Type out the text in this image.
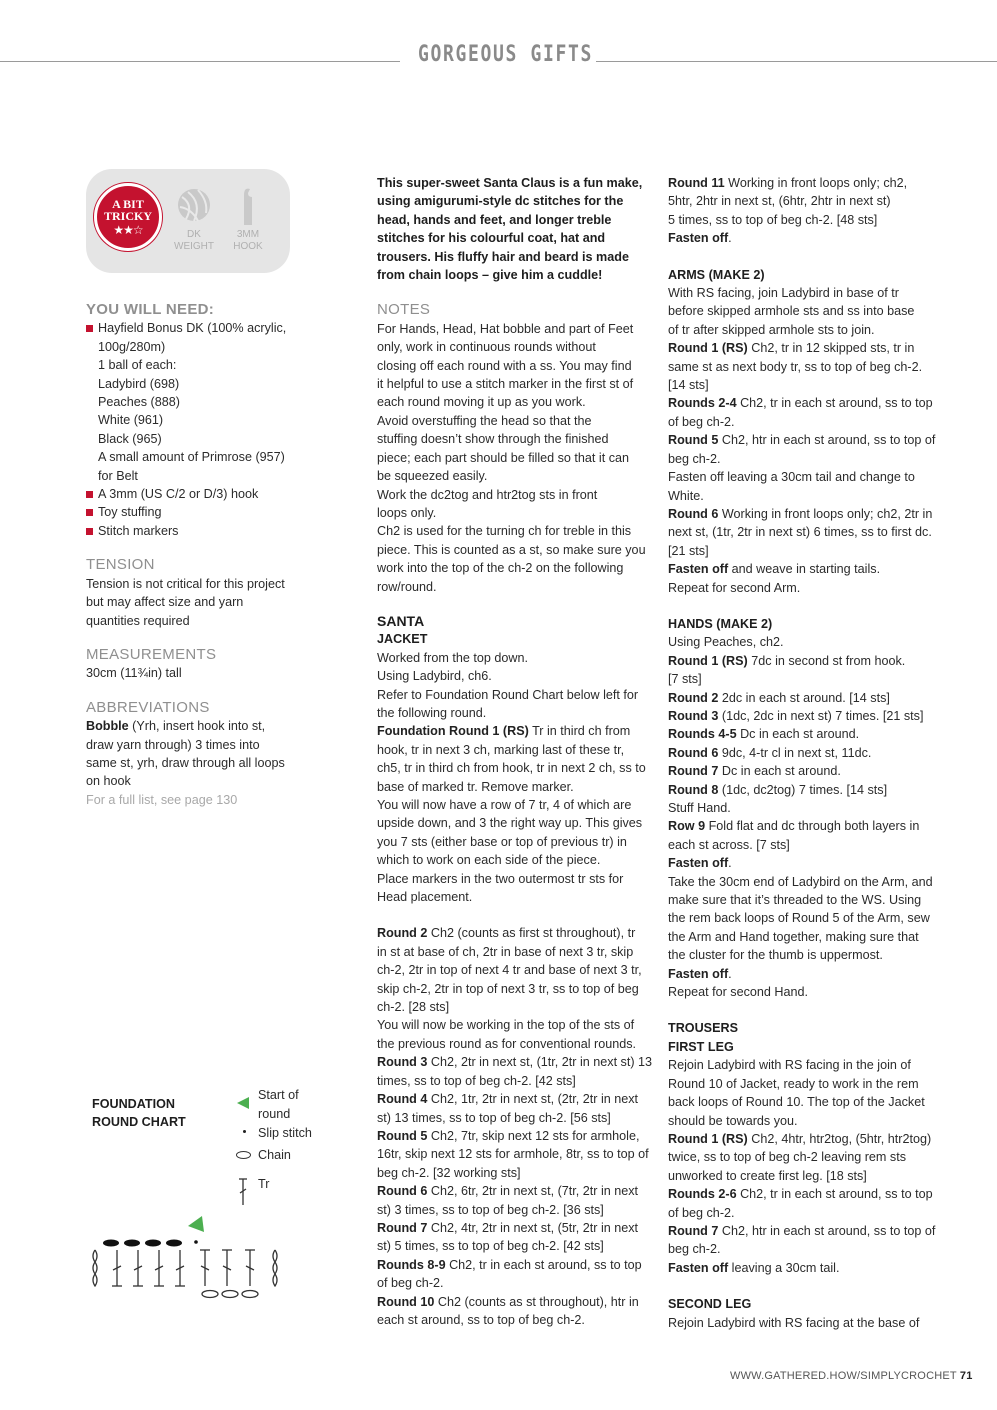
GORGEOUS GIFTS
A BIT
TRICKY
★★☆	DK
WEIGHT
3MM
HOOK

YOU WILL NEED:

Hayfield Bonus DK (100% acrylic,

100g/280m)

1 ball of each:

Ladybird (698)

Peaches (888)

White (961)

Black (965)

A small amount of Primrose (957)

for Belt

A 3mm (US C/2 or D/3) hook

Toy stuffing

Stitch markers

TENSION

Tension is not critical for this project

but may affect size and yarn

quantities required

MEASUREMENTS

30cm (11¾in) tall

ABBREVIATIONS

Bobble (Yrh, insert hook into st,

draw yarn through) 3 times into

same st, yrh, draw through all loops

on hook

For a full list, see page 130

FOUNDATION
ROUND CHART
Start of
round
Slip stitch
Chain
Tr

This super-sweet Santa Claus is a fun make,

using amigurumi-style dc stitches for the

head, hands and feet, and longer treble

stitches for his colourful coat, hat and

trousers. His fluffy hair and beard is made

from chain loops – give him a cuddle!

NOTES

For Hands, Head, Hat bobble and part of Feet

only, work in continuous rounds without

closing off each round with a ss. You may find

it helpful to use a stitch marker in the first st of

each round moving it up as you work.

Avoid overstuffing the head so that the

stuffing doesn’t show through the finished

piece; each part should be filled so that it can

be squeezed easily.

Work the dc2tog and htr2tog sts in front

loops only.

Ch2 is used for the turning ch for treble in this

piece. This is counted as a st, so make sure you

work into the top of the ch-2 on the following

row/round.

SANTA

JACKET

Worked from the top down.

Using Ladybird, ch6.

Refer to Foundation Round Chart below left for

the following round.

Foundation Round 1 (RS) Tr in third ch from

hook, tr in next 3 ch, marking last of these tr,

ch5, tr in third ch from hook, tr in next 2 ch, ss to

base of marked tr. Remove marker.

You will now have a row of 7 tr, 4 of which are

upside down, and 3 the right way up. This gives

you 7 sts (either base or top of previous tr) in

which to work on each side of the piece.

Place markers in the two outermost tr sts for

Head placement.

Round 2 Ch2 (counts as first st throughout), tr

in st at base of ch, 2tr in base of next 3 tr, skip

ch-2, 2tr in top of next 4 tr and base of next 3 tr,

skip ch-2, 2tr in top of next 3 tr, ss to top of beg

ch-2. [28 sts]

You will now be working in the top of the sts of

the previous round as for conventional rounds.

Round 3 Ch2, 2tr in next st, (1tr, 2tr in next st) 13

times, ss to top of beg ch-2. [42 sts]

Round 4 Ch2, 1tr, 2tr in next st, (2tr, 2tr in next

st) 13 times, ss to top of beg ch-2. [56 sts]

Round 5 Ch2, 7tr, skip next 12 sts for armhole,

16tr, skip next 12 sts for armhole, 8tr, ss to top of

beg ch-2. [32 working sts]

Round 6 Ch2, 6tr, 2tr in next st, (7tr, 2tr in next

st) 3 times, ss to top of beg ch-2. [36 sts]

Round 7 Ch2, 4tr, 2tr in next st, (5tr, 2tr in next

st) 5 times, ss to top of beg ch-2. [42 sts]

Rounds 8-9 Ch2, tr in each st around, ss to top

of beg ch-2.

Round 10 Ch2 (counts as st throughout), htr in

each st around, ss to top of beg ch-2.

Round 11 Working in front loops only; ch2,

5htr, 2htr in next st, (6htr, 2htr in next st)

5 times, ss to top of beg ch-2. [48 sts]

Fasten off.

ARMS (MAKE 2)

With RS facing, join Ladybird in base of tr

before skipped armhole sts and ss into base

of tr after skipped armhole sts to join.

Round 1 (RS) Ch2, tr in 12 skipped sts, tr in

same st as next body tr, ss to top of beg ch-2.

[14 sts]

Rounds 2-4 Ch2, tr in each st around, ss to top

of beg ch-2.

Round 5 Ch2, htr in each st around, ss to top of

beg ch-2.

Fasten off leaving a 30cm tail and change to

White.

Round 6 Working in front loops only; ch2, 2tr in

next st, (1tr, 2tr in next st) 6 times, ss to first dc.

[21 sts]

Fasten off and weave in starting tails.

Repeat for second Arm.

HANDS (MAKE 2)

Using Peaches, ch2.

Round 1 (RS) 7dc in second st from hook.

[7 sts]

Round 2 2dc in each st around. [14 sts]

Round 3 (1dc, 2dc in next st) 7 times. [21 sts]

Rounds 4-5 Dc in each st around.

Round 6 9dc, 4-tr cl in next st, 11dc.

Round 7 Dc in each st around.

Round 8 (1dc, dc2tog) 7 times. [14 sts]

Stuff Hand.

Row 9 Fold flat and dc through both layers in

each st across. [7 sts]

Fasten off.

Take the 30cm end of Ladybird on the Arm, and

make sure that it’s threaded to the WS. Using

the rem back loops of Round 5 of the Arm, sew

the Arm and Hand together, making sure that

the cluster for the thumb is uppermost.

Fasten off.

Repeat for second Hand.

TROUSERS

FIRST LEG

Rejoin Ladybird with RS facing in the join of

Round 10 of Jacket, ready to work in the rem

back loops of Round 10. The top of the Jacket

should be towards you.

Round 1 (RS) Ch2, 4htr, htr2tog, (5htr, htr2tog)

twice, ss to top of beg ch-2 leaving rem sts

unworked to create first leg. [18 sts]

Rounds 2-6 Ch2, tr in each st around, ss to top

of beg ch-2.

Round 7 Ch2, htr in each st around, ss to top of

beg ch-2.

Fasten off leaving a 30cm tail.

SECOND LEG

Rejoin Ladybird with RS facing at the base of

WWW.GATHERED.HOW/SIMPLYCROCHET 71
